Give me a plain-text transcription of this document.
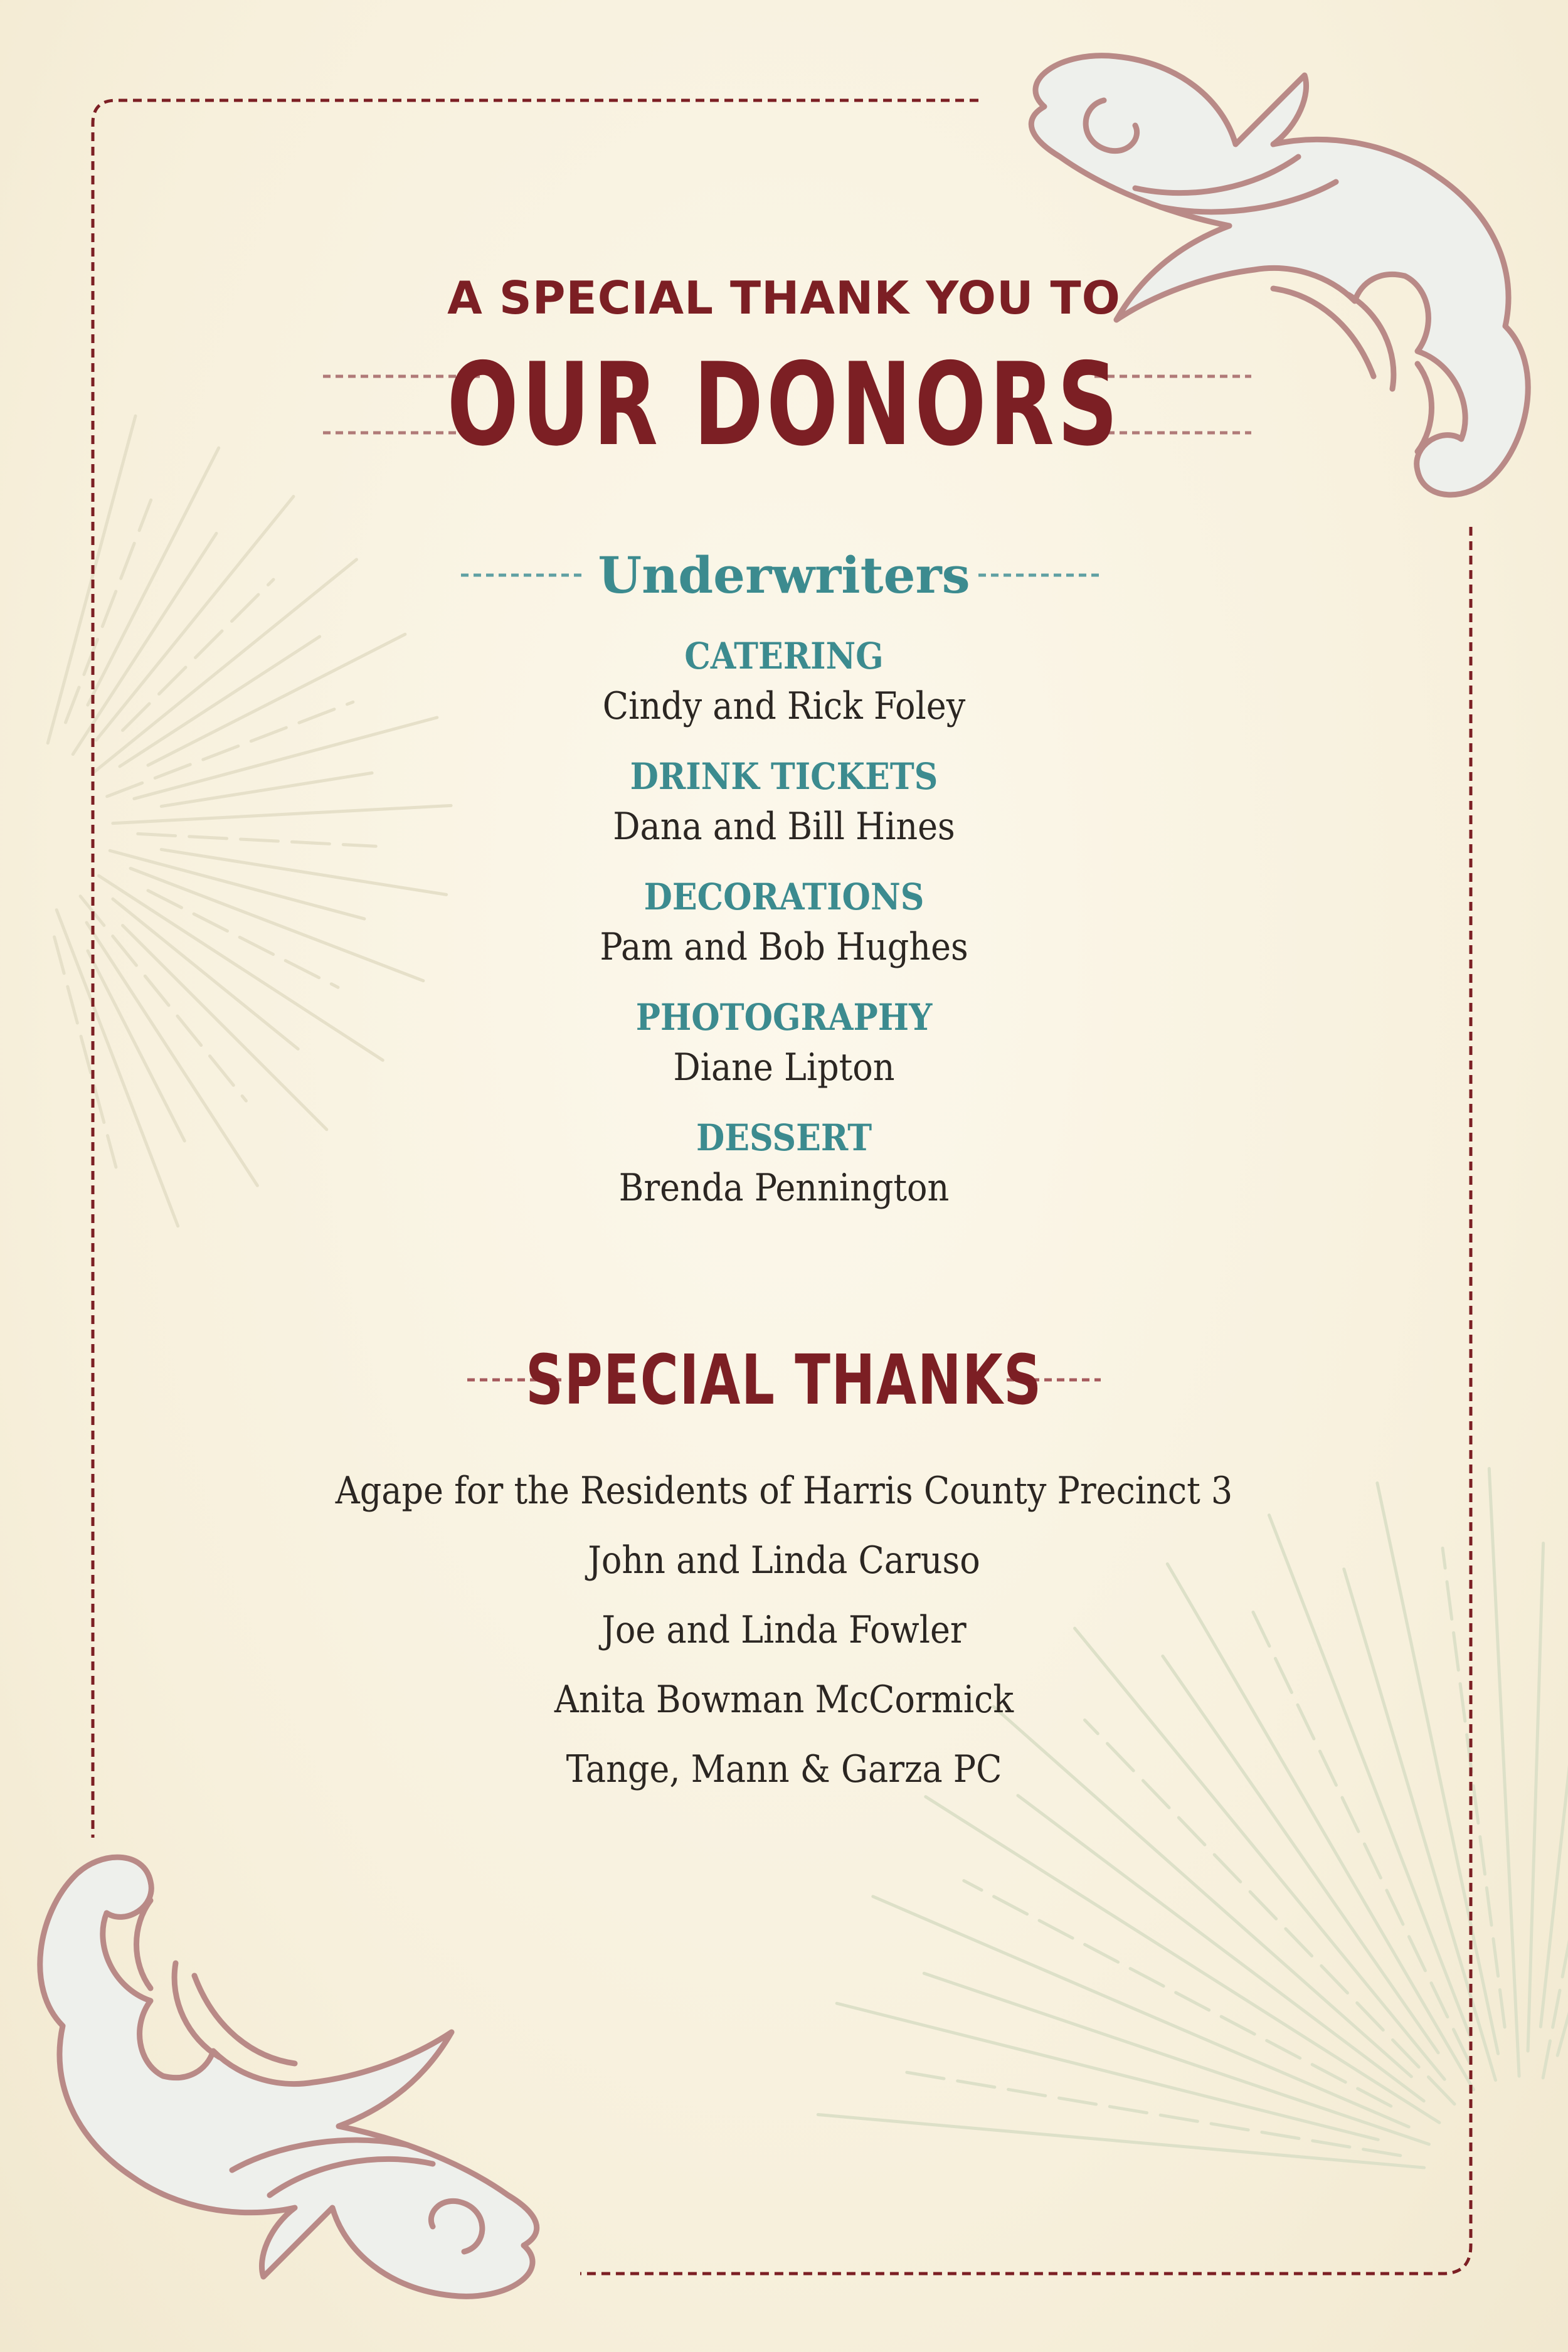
A SPECIAL THANK YOU TO
OUR DONORS
Underwriters
CATERING
Cindy and Rick Foley
DRINK TICKETS
Dana and Bill Hines
DECORATIONS
Pam and Bob Hughes
PHOTOGRAPHY
Diane Lipton
DESSERT
Brenda Pennington
SPECIAL THANKS
Agape for the Residents of Harris County Precinct 3
John and Linda Caruso
Joe and Linda Fowler
Anita Bowman McCormick
Tange, Mann & Garza PC
